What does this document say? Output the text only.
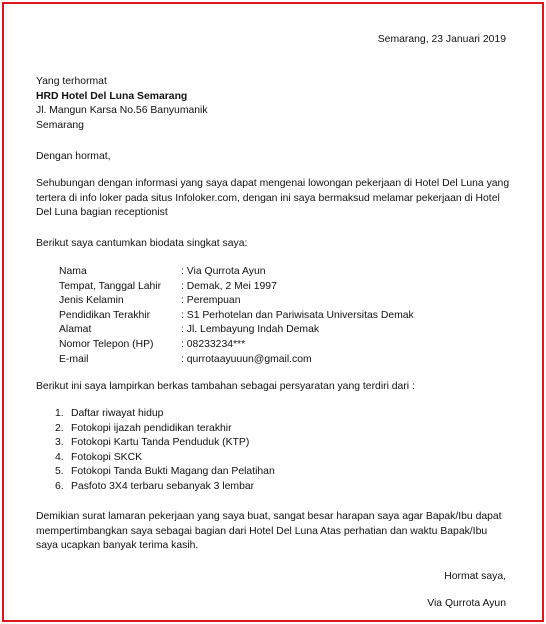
Semarang, 23 Januari 2019
Yang terhormat
HRD Hotel Del Luna Semarang
Jl. Mangun Karsa No.56 Banyumanik
Semarang
Dengan hormat,
Sehubungan dengan informasi yang saya dapat mengenai lowongan pekerjaan di Hotel Del Luna yang tertera di info loker pada situs Infoloker.com, dengan ini saya bermaksud melamar pekerjaan di Hotel Del Luna bagian receptionist
Berikut saya cantumkan biodata singkat saya:
Nama	: Via Qurrota Ayun
Tempat, Tanggal Lahir : Demak, 2 Mei 1997
Jenis Kelamin	: Perempuan
Pendidikan Terakhir	: S1 Perhotelan dan Pariwisata Universitas Demak
Alamat	: Jl. Lembayung Indah Demak
Nomor Telepon (HP)	: 08233234***
E-mail	: qurrotaayuuun@gmail.com
Berikut ini saya lampirkan berkas tambahan sebagai persyaratan yang terdiri dari :
1. Daftar riwayat hidup
2. Fotokopi ijazah pendidikan terakhir
3. Fotokopi Kartu Tanda Penduduk (KTP)
4. Fotokopi SKCK
5. Fotokopi Tanda Bukti Magang dan Pelatihan
6. Pasfoto 3X4 terbaru sebanyak 3 lembar
Demikian surat lamaran pekerjaan yang saya buat, sangat besar harapan saya agar Bapak/Ibu dapat mempertimbangkan saya sebagai bagian dari Hotel Del Luna Atas perhatian dan waktu Bapak/Ibu saya ucapkan banyak terima kasih.
Hormat saya,
Via Qurrota Ayun
